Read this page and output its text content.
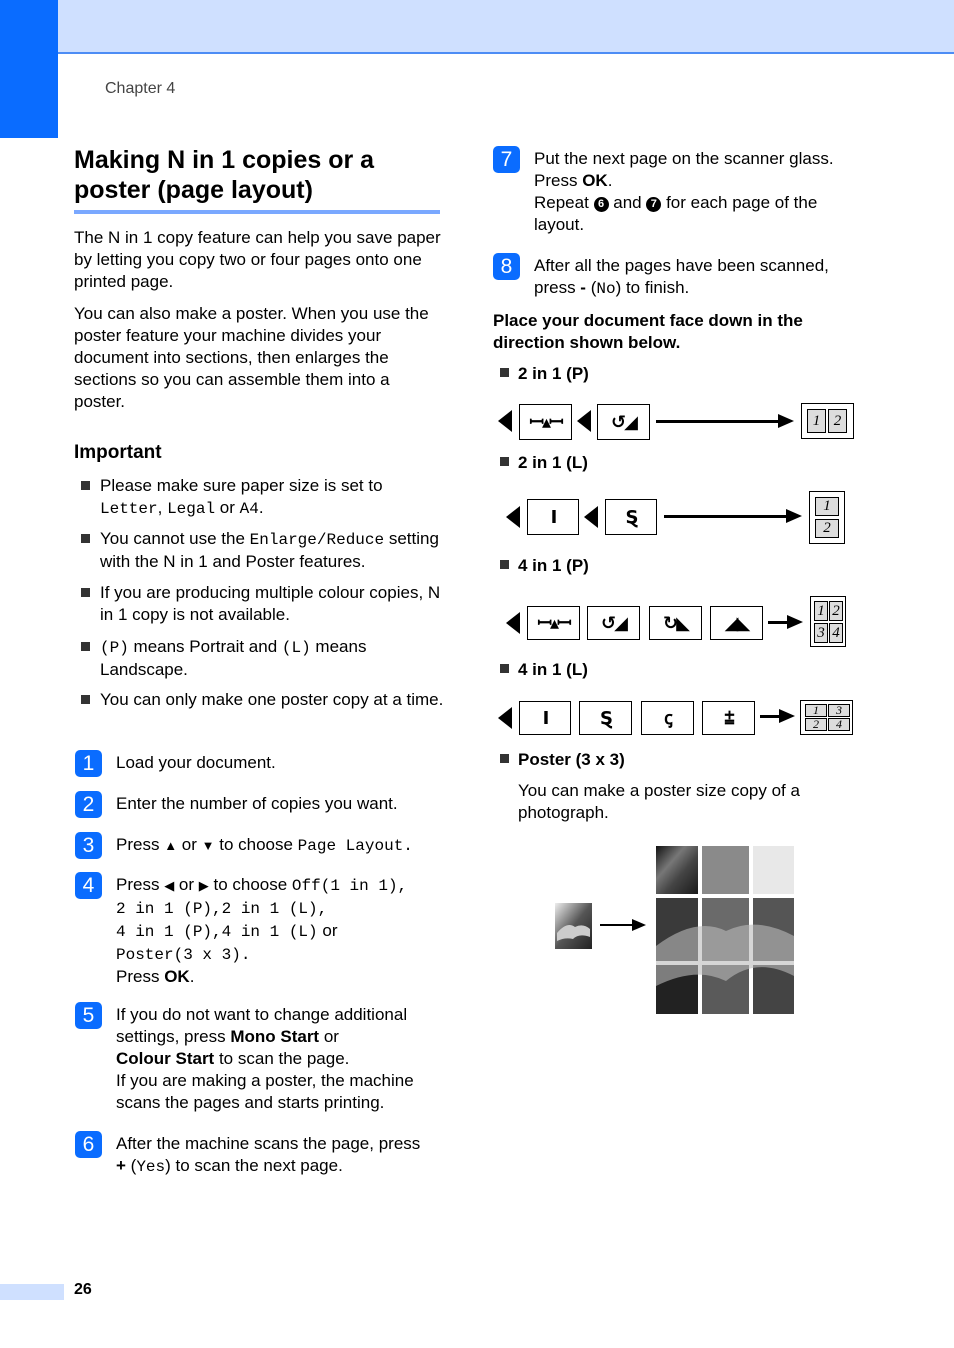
Chapter 4
Making N in 1 copies or a poster (page layout)
The N in 1 copy feature can help you save paper by letting you copy two or four pages onto one printed page.
You can also make a poster. When you use the poster feature your machine divides your document into sections, then enlarges the sections so you can assemble them into a poster.
Important
Please make sure paper size is set to Letter, Legal or A4.
You cannot use the Enlarge/Reduce setting with the N in 1 and Poster features.
If you are producing multiple colour copies, N in 1 copy is not available.
(P) means Portrait and (L) means Landscape.
You can only make one poster copy at a time.
1	Load your document.
2	Enter the number of copies you want.
3	Press ▲ or ▼ to choose Page Layout.
4	Press ◀ or ▶ to choose Off(1 in 1),
2 in 1 (P),2 in 1 (L),
4 in 1 (P),4 in 1 (L) or
Poster(3 x 3).
Press OK.
5	If you do not want to change additional settings, press Mono Start or
Colour Start to scan the page.
If you are making a poster, the machine scans the pages and starts printing.
6	After the machine scans the page, press
+ (Yes) to scan the next page.
7	Put the next page on the scanner glass.
Press OK.
Repeat 6 and 7 for each page of the layout.
8	After all the pages have been scanned, press - (No) to finish.
Place your document face down in the direction shown below.
2 in 1 (P)
ꟷ▴ꟷ	↺◢	1 2
2 in 1 (L)
Ⅰ	Ȿ
1
2
4 in 1 (P)
ꟷ▴ꟷ ↺◢ ↻◣ ◢◣
1 2
3 4
4 in 1 (L)
Ⅰ	Ȿ	ꞔ	⩲	1	3
2	4
Poster (3 x 3)
You can make a poster size copy of a photograph.
26
